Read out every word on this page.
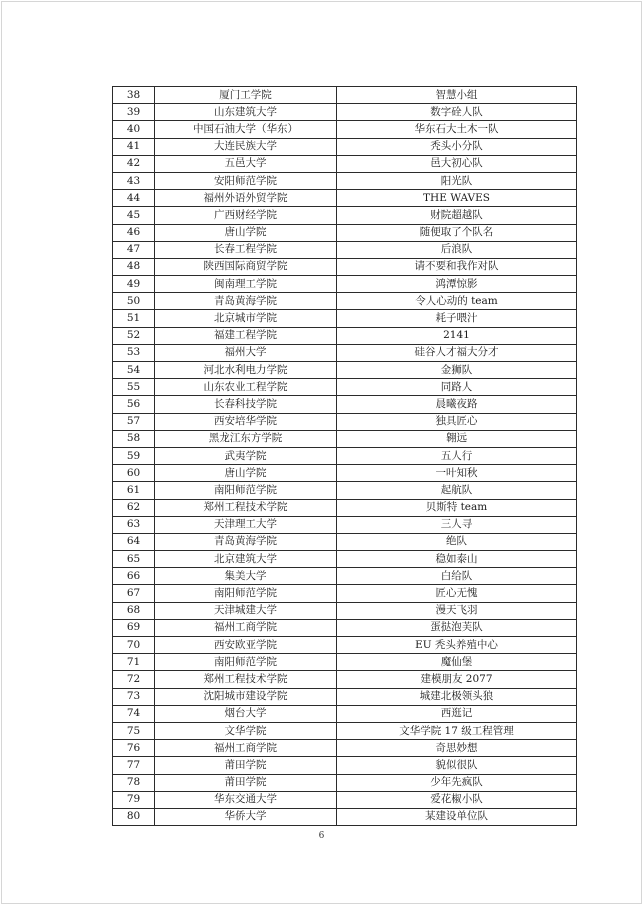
38	厦门工学院	智慧小组
39	山东建筑大学	数字硂人队
40	中国石油大学（华东）	华东石大土木一队
41	大连民族大学	秃头小分队
42	五邑大学	邑大初心队
43	安阳师范学院	阳光队
44	福州外语外贸学院	THE WAVES
45	广西财经学院	财院超越队
46	唐山学院	随便取了个队名
47	长春工程学院	后浪队
48	陕西国际商贸学院	请不要和我作对队
49	闽南理工学院	鸿潭惊影
50	青岛黄海学院	令人心动的 team
51	北京城市学院	耗子喂汁
52	福建工程学院	2141
53	福州大学	硅谷人才福大分才
54	河北水利电力学院	金狮队
55	山东农业工程学院	同路人
56	长春科技学院	晨曦夜路
57	西安培华学院	独具匠心
58	黑龙江东方学院	翱远
59	武夷学院	五人行
60	唐山学院	一叶知秋
61	南阳师范学院	起航队
62	郑州工程技术学院	贝斯特 team
63	天津理工大学	三人寻
64	青岛黄海学院	绝队
65	北京建筑大学	稳如泰山
66	集美大学	白给队
67	南阳师范学院	匠心无愧
68	天津城建大学	漫天飞羽
69	福州工商学院	蛋挞泡芙队
70	西安欧亚学院	EU 秃头养殖中心
71	南阳师范学院	魔仙堡
72	郑州工程技术学院	建模朋友 2077
73	沈阳城市建设学院	城建北极领头狼
74	烟台大学	西逛记
75	文华学院	文华学院 17 级工程管理
76	福州工商学院	奇思妙想
77	莆田学院	貌似很队
78	莆田学院	少年先疯队
79	华东交通大学	爱花椒小队
80	华侨大学	某建设单位队
6
